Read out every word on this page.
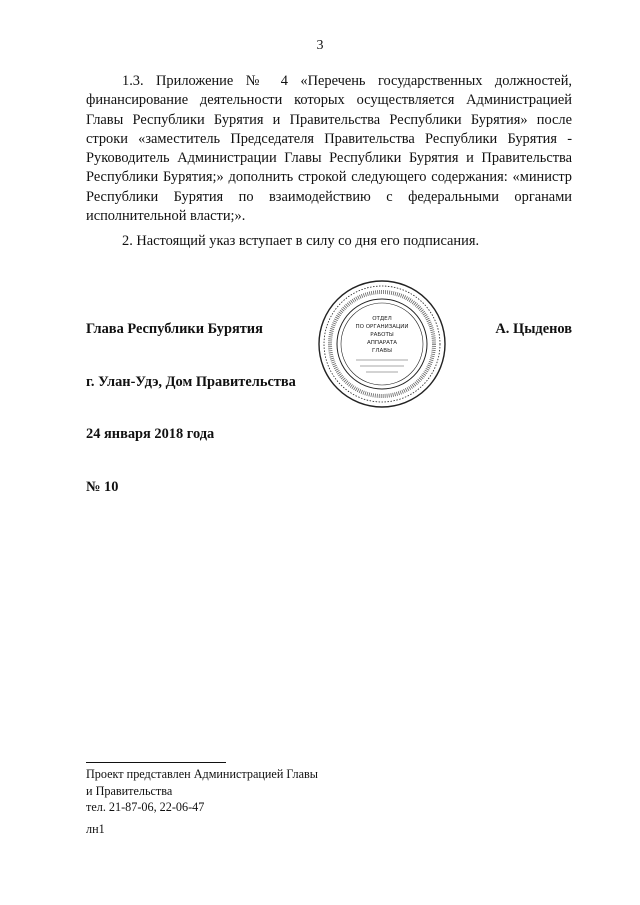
3

1.3. Приложение № 4 «Перечень государственных должностей, финансирование деятельности которых осуществляется Администрацией Главы Республики Бурятия и Правительства Республики Бурятия» после строки «заместитель Председателя Правительства Республики Бурятия - Руководитель Администрации Главы Республики Бурятия и Правительства Республики Бурятия;» дополнить строкой следующего содержания: «министр Республики Бурятия по взаимодействию с федеральными органами исполнительной власти;».

2. Настоящий указ вступает в силу со дня его подписания.

Глава Республики Бурятия
ОТДЕЛ
ПО ОРГАНИЗАЦИИ
РАБОТЫ
АППАРАТА
ГЛАВЫ
А. Цыденов
г. Улан-Удэ, Дом Правительства
24 января 2018 года
№ 10
Проект представлен Администрацией Главы
и Правительства
тел. 21-87-06, 22-06-47
лн1
